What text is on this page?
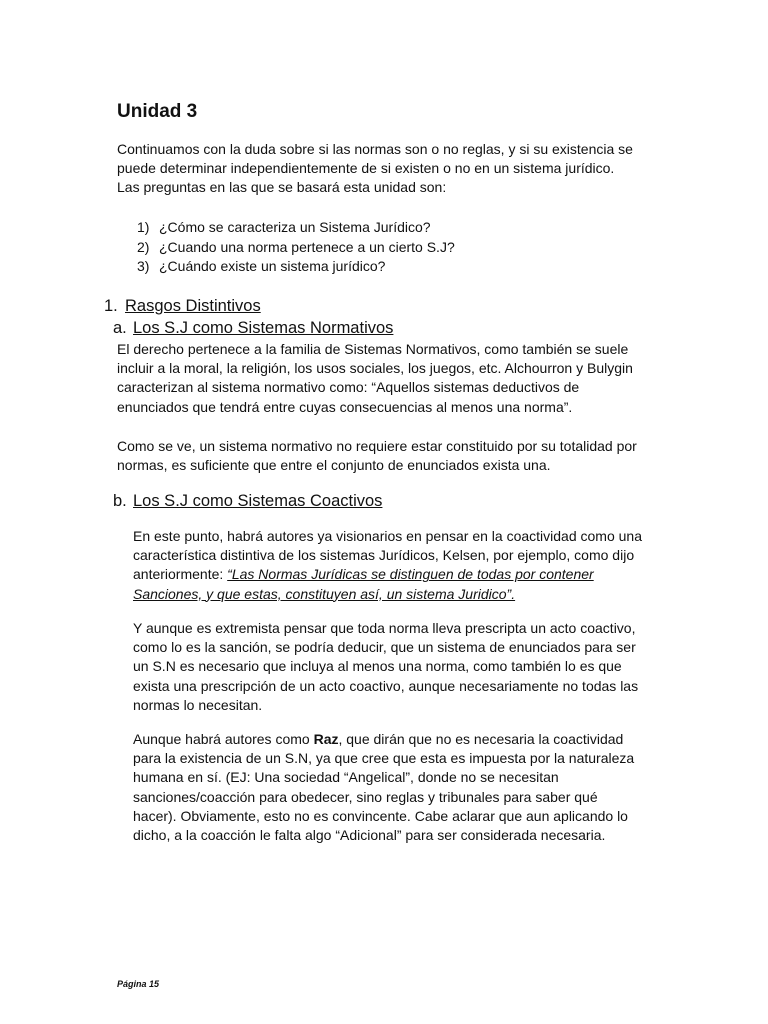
Unidad 3

Continuamos con la duda sobre si las normas son o no reglas, y si su existencia se
puede determinar independientemente de si existen o no en un sistema jurídico.
Las preguntas en las que se basará esta unidad son:

1) ¿Cómo se caracteriza un Sistema Jurídico?
2) ¿Cuando una norma pertenece a un cierto S.J?
3) ¿Cuándo existe un sistema jurídico?
1. Rasgos Distintivos
a. Los S.J como Sistemas Normativos

El derecho pertenece a la familia de Sistemas Normativos, como también se suele
incluir a la moral, la religión, los usos sociales, los juegos, etc. Alchourron y Bulygin
caracterizan al sistema normativo como: “Aquellos sistemas deductivos de
enunciados que tendrá entre cuyas consecuencias al menos una norma”.

Como se ve, un sistema normativo no requiere estar constituido por su totalidad por
normas, es suficiente que entre el conjunto de enunciados exista una.

b. Los S.J como Sistemas Coactivos

En este punto, habrá autores ya visionarios en pensar en la coactividad como una
característica distintiva de los sistemas Jurídicos, Kelsen, por ejemplo, como dijo
anteriormente: “Las Normas Jurídicas se distinguen de todas por contener
Sanciones, y que estas, constituyen así, un sistema Juridico”.

Y aunque es extremista pensar que toda norma lleva prescripta un acto coactivo,
como lo es la sanción, se podría deducir, que un sistema de enunciados para ser
un S.N es necesario que incluya al menos una norma, como también lo es que
exista una prescripción de un acto coactivo, aunque necesariamente no todas las
normas lo necesitan.

Aunque habrá autores como Raz, que dirán que no es necesaria la coactividad
para la existencia de un S.N, ya que cree que esta es impuesta por la naturaleza
humana en sí. (EJ: Una sociedad “Angelical”, donde no se necesitan
sanciones/coacción para obedecer, sino reglas y tribunales para saber qué
hacer). Obviamente, esto no es convincente. Cabe aclarar que aun aplicando lo
dicho, a la coacción le falta algo “Adicional” para ser considerada necesaria.

Página 15
